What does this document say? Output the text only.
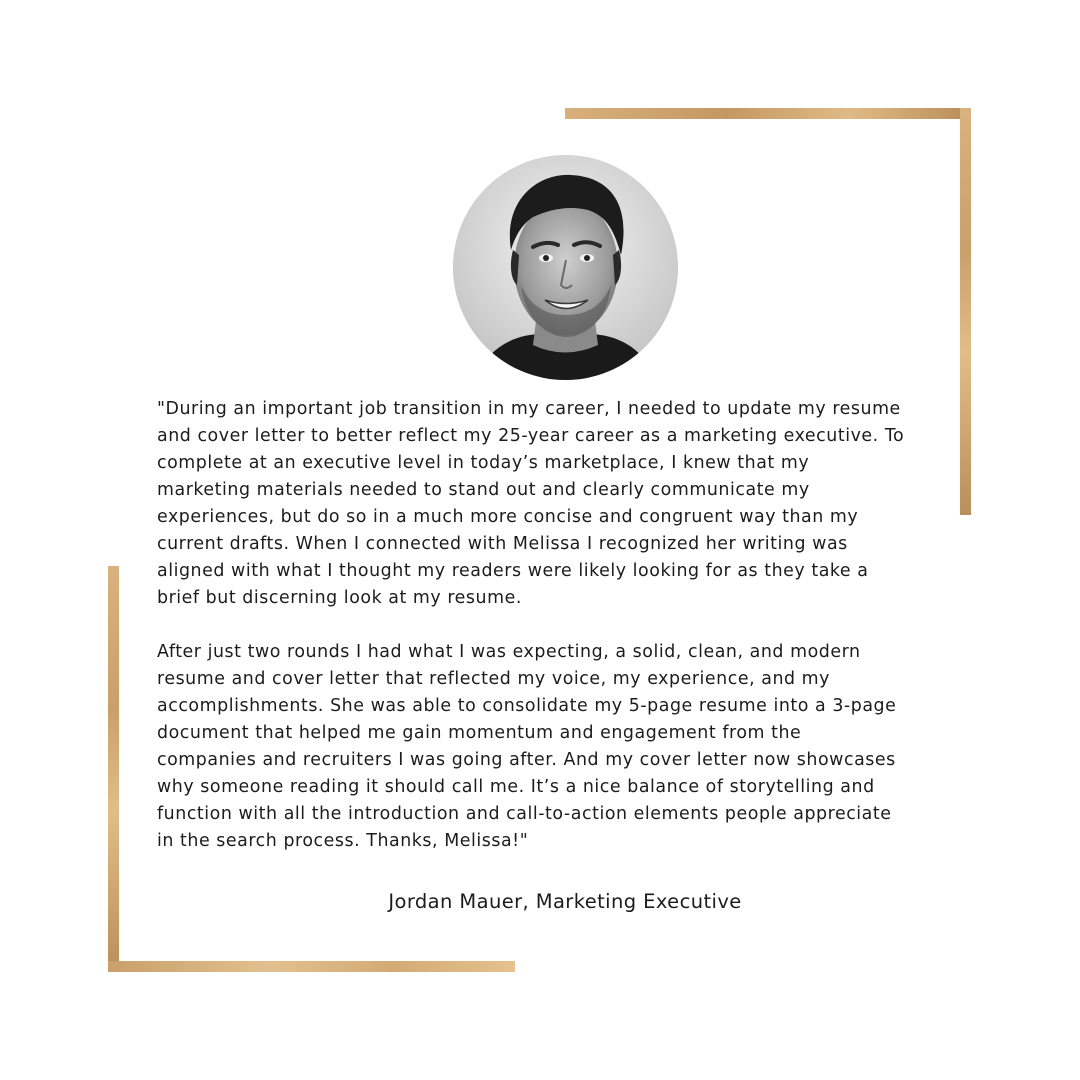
"During an important job transition in my career, I needed to update my resume
and cover letter to better reflect my 25-year career as a marketing executive. To
complete at an executive level in today’s marketplace, I knew that my
marketing materials needed to stand out and clearly communicate my
experiences, but do so in a much more concise and congruent way than my
current drafts. When I connected with Melissa I recognized her writing was
aligned with what I thought my readers were likely looking for as they take a
brief but discerning look at my resume.

After just two rounds I had what I was expecting, a solid, clean, and modern
resume and cover letter that reflected my voice, my experience, and my
accomplishments. She was able to consolidate my 5-page resume into a 3-page
document that helped me gain momentum and engagement from the
companies and recruiters I was going after. And my cover letter now showcases
why someone reading it should call me. It’s a nice balance of storytelling and
function with all the introduction and call-to-action elements people appreciate
in the search process. Thanks, Melissa!"

Jordan Mauer, Marketing Executive
